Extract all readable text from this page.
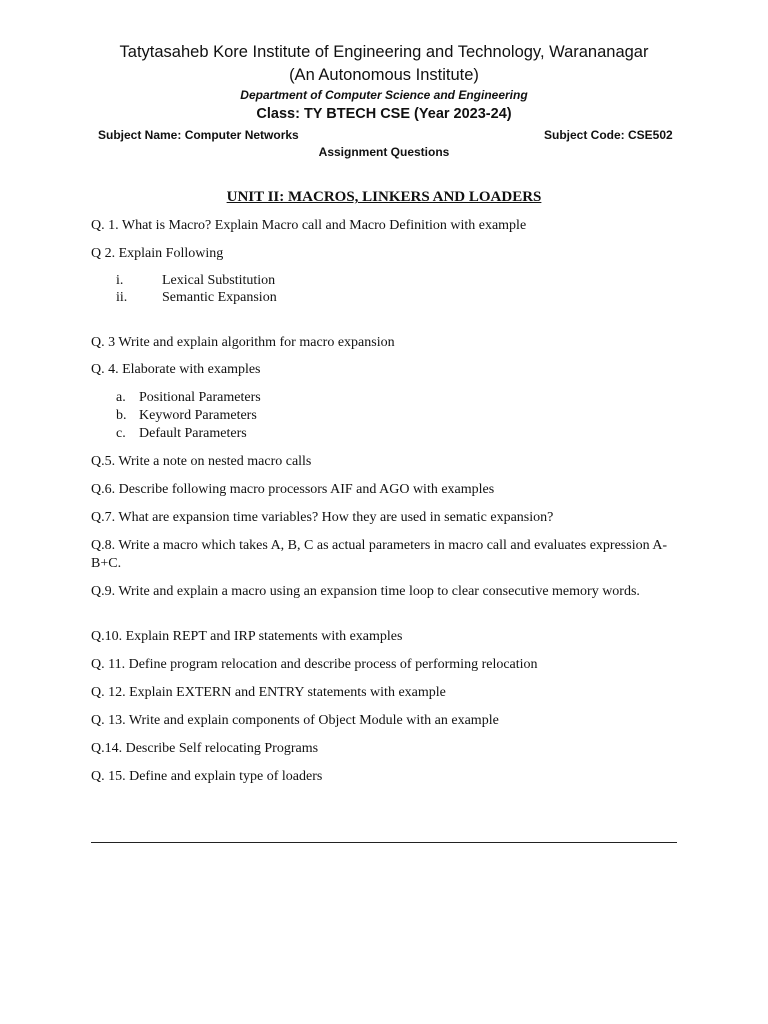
Tatytasaheb Kore Institute of Engineering and Technology, Warananagar
(An Autonomous Institute)
Department of Computer Science and Engineering
Class: TY BTECH CSE (Year 2023-24)
Subject Name: Computer Networks	Subject Code: CSE502
Assignment Questions
UNIT II: MACROS, LINKERS AND LOADERS
Q. 1. What is Macro? Explain Macro call and Macro Definition with example
Q 2. Explain Following
i.	Lexical Substitution
ii. Semantic Expansion
Q. 3 Write and explain algorithm for macro expansion
Q. 4. Elaborate with examples
a. Positional Parameters
b. Keyword Parameters
c. Default Parameters
Q.5. Write a note on nested macro calls
Q.6. Describe following macro processors AIF and AGO with examples
Q.7. What are expansion time variables? How they are used in sematic expansion?
Q.8. Write a macro which takes A, B, C as actual parameters in macro call and evaluates expression A-B+C.
Q.9. Write and explain a macro using an expansion time loop to clear consecutive memory words.
Q.10. Explain REPT and IRP statements with examples
Q. 11. Define program relocation and describe process of performing relocation
Q. 12. Explain EXTERN and ENTRY statements with example
Q. 13. Write and explain components of Object Module with an example
Q.14. Describe Self relocating Programs
Q. 15. Define and explain type of loaders
